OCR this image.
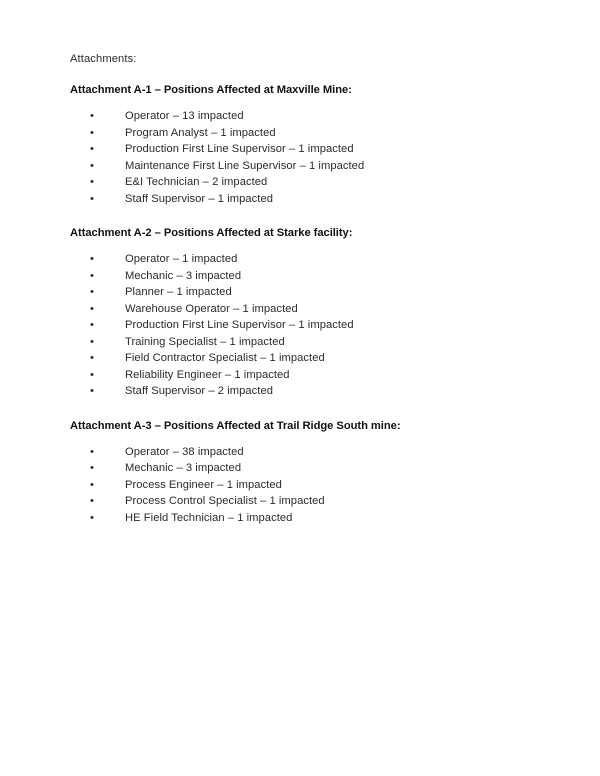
Attachments:

Attachment A-1 – Positions Affected at Maxville Mine:
•	Operator – 13 impacted
•	Program Analyst – 1 impacted
•	Production First Line Supervisor – 1 impacted
•	Maintenance First Line Supervisor – 1 impacted
•	E&I Technician – 2 impacted
•	Staff Supervisor – 1 impacted
Attachment A-2 – Positions Affected at Starke facility:
•	Operator – 1 impacted
•	Mechanic – 3 impacted
•	Planner – 1 impacted
•	Warehouse Operator – 1 impacted
•	Production First Line Supervisor – 1 impacted
•	Training Specialist – 1 impacted
•	Field Contractor Specialist – 1 impacted
•	Reliability Engineer – 1 impacted
•	Staff Supervisor – 2 impacted
Attachment A-3 – Positions Affected at Trail Ridge South mine:
•	Operator – 38 impacted
•	Mechanic – 3 impacted
•	Process Engineer – 1 impacted
•	Process Control Specialist – 1 impacted
•	HE Field Technician – 1 impacted
